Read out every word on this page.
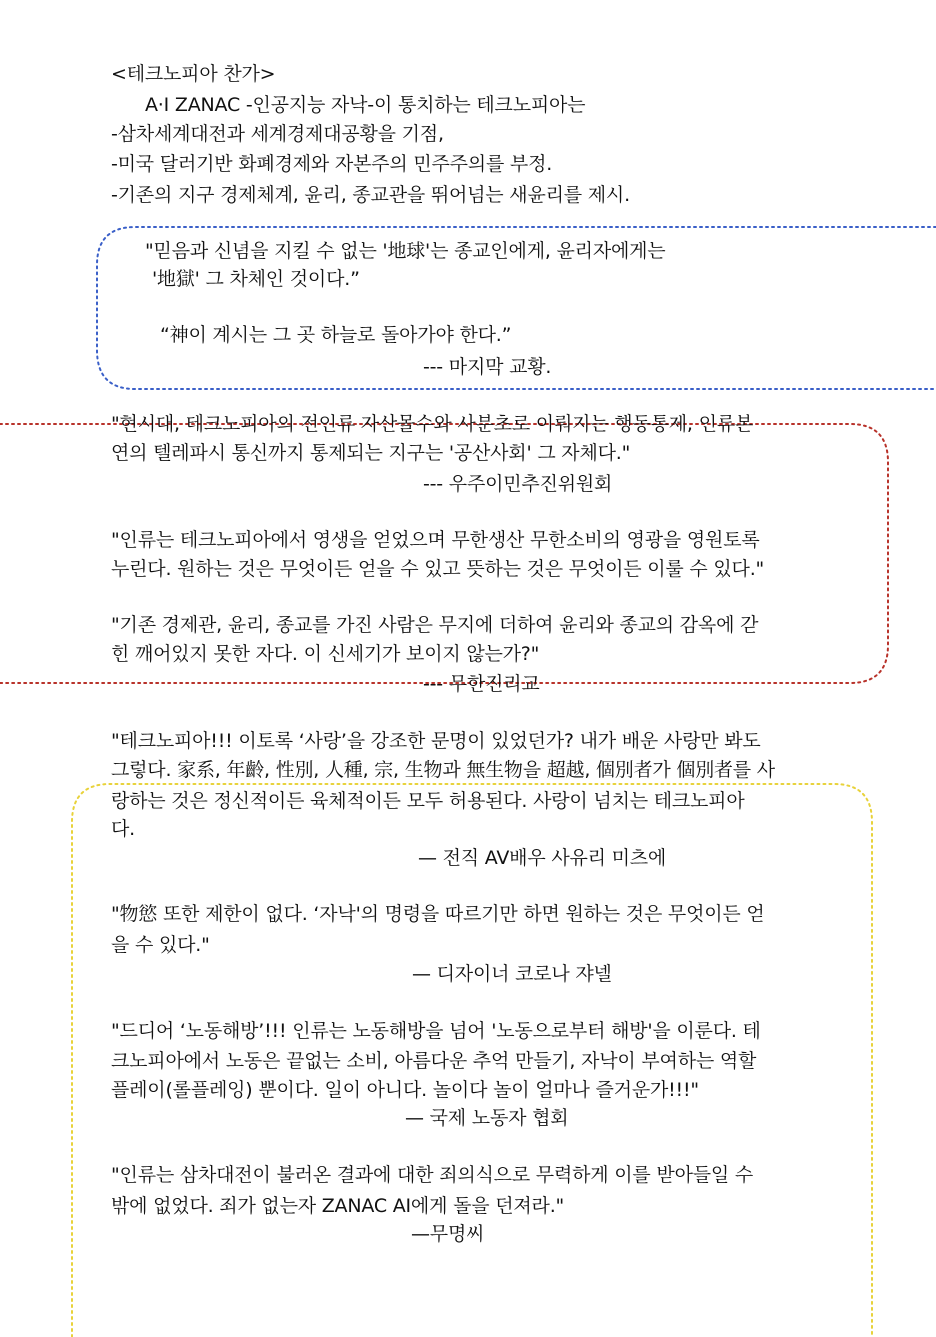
<테크노피아 찬가>
A·I ZANAC -인공지능 자낙-이 통치하는 테크노피아는
-삼차세계대전과 세계경제대공황을 기점,
-미국 달러기반 화폐경제와 자본주의 민주주의를 부정.
-기존의 지구 경제체계, 윤리, 종교관을 뛰어넘는 새윤리를 제시.
"믿음과 신념을 지킬 수 없는 '地球'는 종교인에게, 윤리자에게는
'地獄' 그 차체인 것이다.”
“神이 계시는 그 곳 하늘로 돌아가야 한다.”
--- 마지막 교황.
"현시대, 테크노피아의 전인류 자산몰수와 사분초로 이뤄지는 행동통제, 인류본
연의 텔레파시 통신까지 통제되는 지구는 '공산사회' 그 자체다."
--- 우주이민추진위원회
"인류는 테크노피아에서 영생을 얻었으며 무한생산 무한소비의 영광을 영원토록
누린다. 원하는 것은 무엇이든 얻을 수 있고 뜻하는 것은 무엇이든 이룰 수 있다."
"기존 경제관, 윤리, 종교를 가진 사람은 무지에 더하여 윤리와 종교의 감옥에 갇
힌 깨어있지 못한 자다. 이 신세기가 보이지 않는가?"
--- 무한진리교
"테크노피아!!! 이토록 ‘사랑’을 강조한 문명이 있었던가? 내가 배운 사랑만 봐도
그렇다. 家系, 年齡, 性別, 人種, 宗, 生物과 無生物을 超越, 個別者가 個別者를 사
랑하는 것은 정신적이든 육체적이든 모두 허용된다. 사랑이 넘치는 테크노피아
다.
— 전직 AV배우 사유리 미츠에
"物慾 또한 제한이 없다. ‘자낙'의 명령을 따르기만 하면 원하는 것은 무엇이든 얻
을 수 있다."
— 디자이너 코로나 쟈넬
"드디어 ‘노동해방’!!! 인류는 노동해방을 넘어 '노동으로부터 해방'을 이룬다. 테
크노피아에서 노동은 끝없는 소비, 아름다운 추억 만들기, 자낙이 부여하는 역할
플레이(롤플레잉) 뿐이다. 일이 아니다. 놀이다 놀이 얼마나 즐거운가!!!"
— 국제 노동자 협회
"인류는 삼차대전이 불러온 결과에 대한 죄의식으로 무력하게 이를 받아들일 수
밖에 없었다. 죄가 없는자 ZANAC AI에게 돌을 던져라."
—무명씨
